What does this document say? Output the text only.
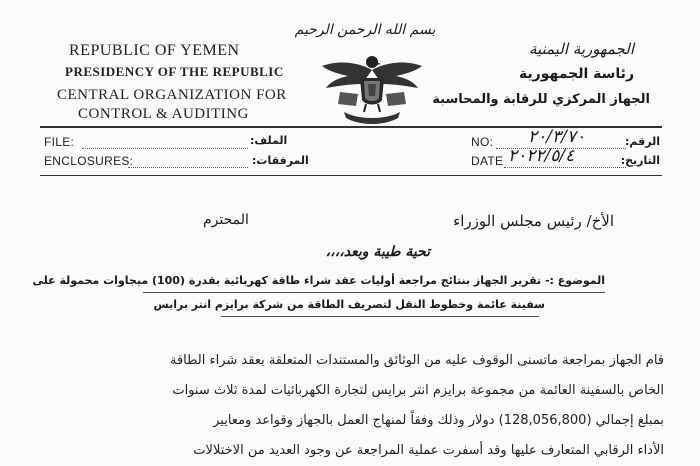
بسم الله الرحمن الرحيم
REPUBLIC OF YEMEN
PRESIDENCY OF THE REPUBLIC
CENTRAL ORGANIZATION FOR
CONTROL & AUDITING
الجمهورية اليمنية
رئاسة الجمهورية
الجهاز المركزي للرقابة والمحاسبة
FILE:	الملف:	NO: ٢٠/٣/٧٠	الرقم:
ENCLOSURES:	المرفقات:	DATE ٢٠٢٢/٥/٤	التاريخ:
الأخ/ رئيس مجلس الوزراء
المحترم
تحية طيبة وبعد،،،،
الموضوع :- تقرير الجهاز بنتائج مراجعة أوليات عقد شراء طاقة كهربائية بقدرة (100) ميجاوات محمولة على
سفينة عائمة وخطوط النقل لتصريف الطاقة من شركة برايزم انتر برايس
قام الجهاز بمراجعة ماتسنى الوقوف عليه من الوثائق والمستندات المتعلقة بعقد شراء الطاقة
الخاص بالسفينة العائمة من مجموعة برايزم انتر برايس لتجارة الكهربائيات لمدة ثلاث سنوات
بمبلغ إجمالي (128,056,800) دولار وذلك وفقاً لمنهاج العمل بالجهاز وقواعد ومعايير
الأداء الرقابي المتعارف عليها وقد أسفرت عملية المراجعة عن وجود العديد من الاختلالات
